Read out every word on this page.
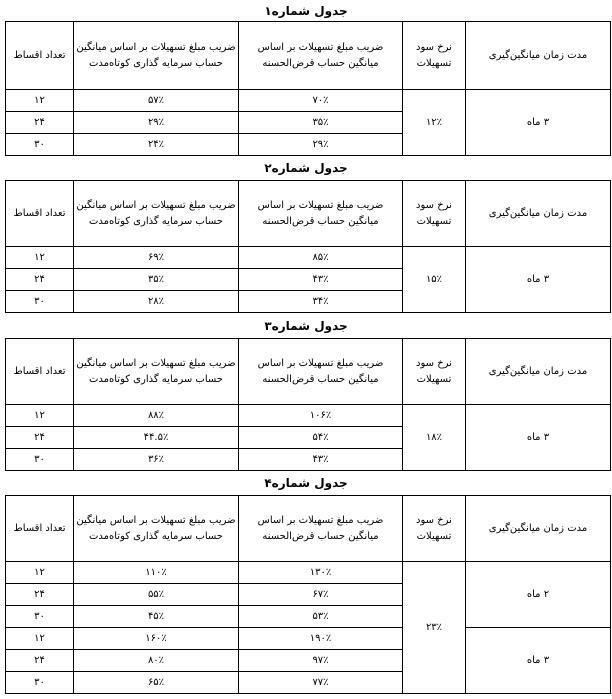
جدول شماره۱
مدت زمان میانگین‌گیری	نرخ سود تسهیلات	ضریب مبلغ تسهیلات بر اساس میانگین حساب قرض‌الحسنه	ضریب مبلغ تسهیلات بر اساس میانگین حساب سرمایه گذاری کوتاه‌مدت	تعداد اقساط
۳ ماه	۱۲٪	۷۰٪	۵۷٪	۱۲
		۳۵٪	۲۹٪	۲۴
		۲۹٪	۲۴٪	۳۰
جدول شماره۲
مدت زمان میانگین‌گیری	نرخ سود تسهیلات	ضریب مبلغ تسهیلات بر اساس میانگین حساب قرض‌الحسنه	ضریب مبلغ تسهیلات بر اساس میانگین حساب سرمایه گذاری کوتاه‌مدت	تعداد اقساط
۳ ماه	۱۵٪	۸۵٪	۶۹٪	۱۲
		۴۳٪	۳۵٪	۲۴
		۳۴٪	۲۸٪	۳۰
جدول شماره۳
مدت زمان میانگین‌گیری	نرخ سود تسهیلات	ضریب مبلغ تسهیلات بر اساس میانگین حساب قرض‌الحسنه	ضریب مبلغ تسهیلات بر اساس میانگین حساب سرمایه گذاری کوتاه‌مدت	تعداد اقساط
۳ ماه	۱۸٪	۱۰۶٪	۸۸٪	۱۲
		۵۴٪	۴۴.۵٪	۲۴
		۴۳٪	۳۶٪	۳۰
جدول شماره۴
مدت زمان میانگین‌گیری	نرخ سود تسهیلات	ضریب مبلغ تسهیلات بر اساس میانگین حساب قرض‌الحسنه	ضریب مبلغ تسهیلات بر اساس میانگین حساب سرمایه گذاری کوتاه‌مدت	تعداد اقساط
۲ ماه	۲۳٪	۱۳۰٪	۱۱۰٪	۱۲
		۶۷٪	۵۵٪	۲۴
		۵۳٪	۴۵٪	۳۰
۳ ماه		۱۹۰٪	۱۶۰٪	۱۲
		۹۷٪	۸۰٪	۲۴
		۷۷٪	۶۵٪	۳۰
